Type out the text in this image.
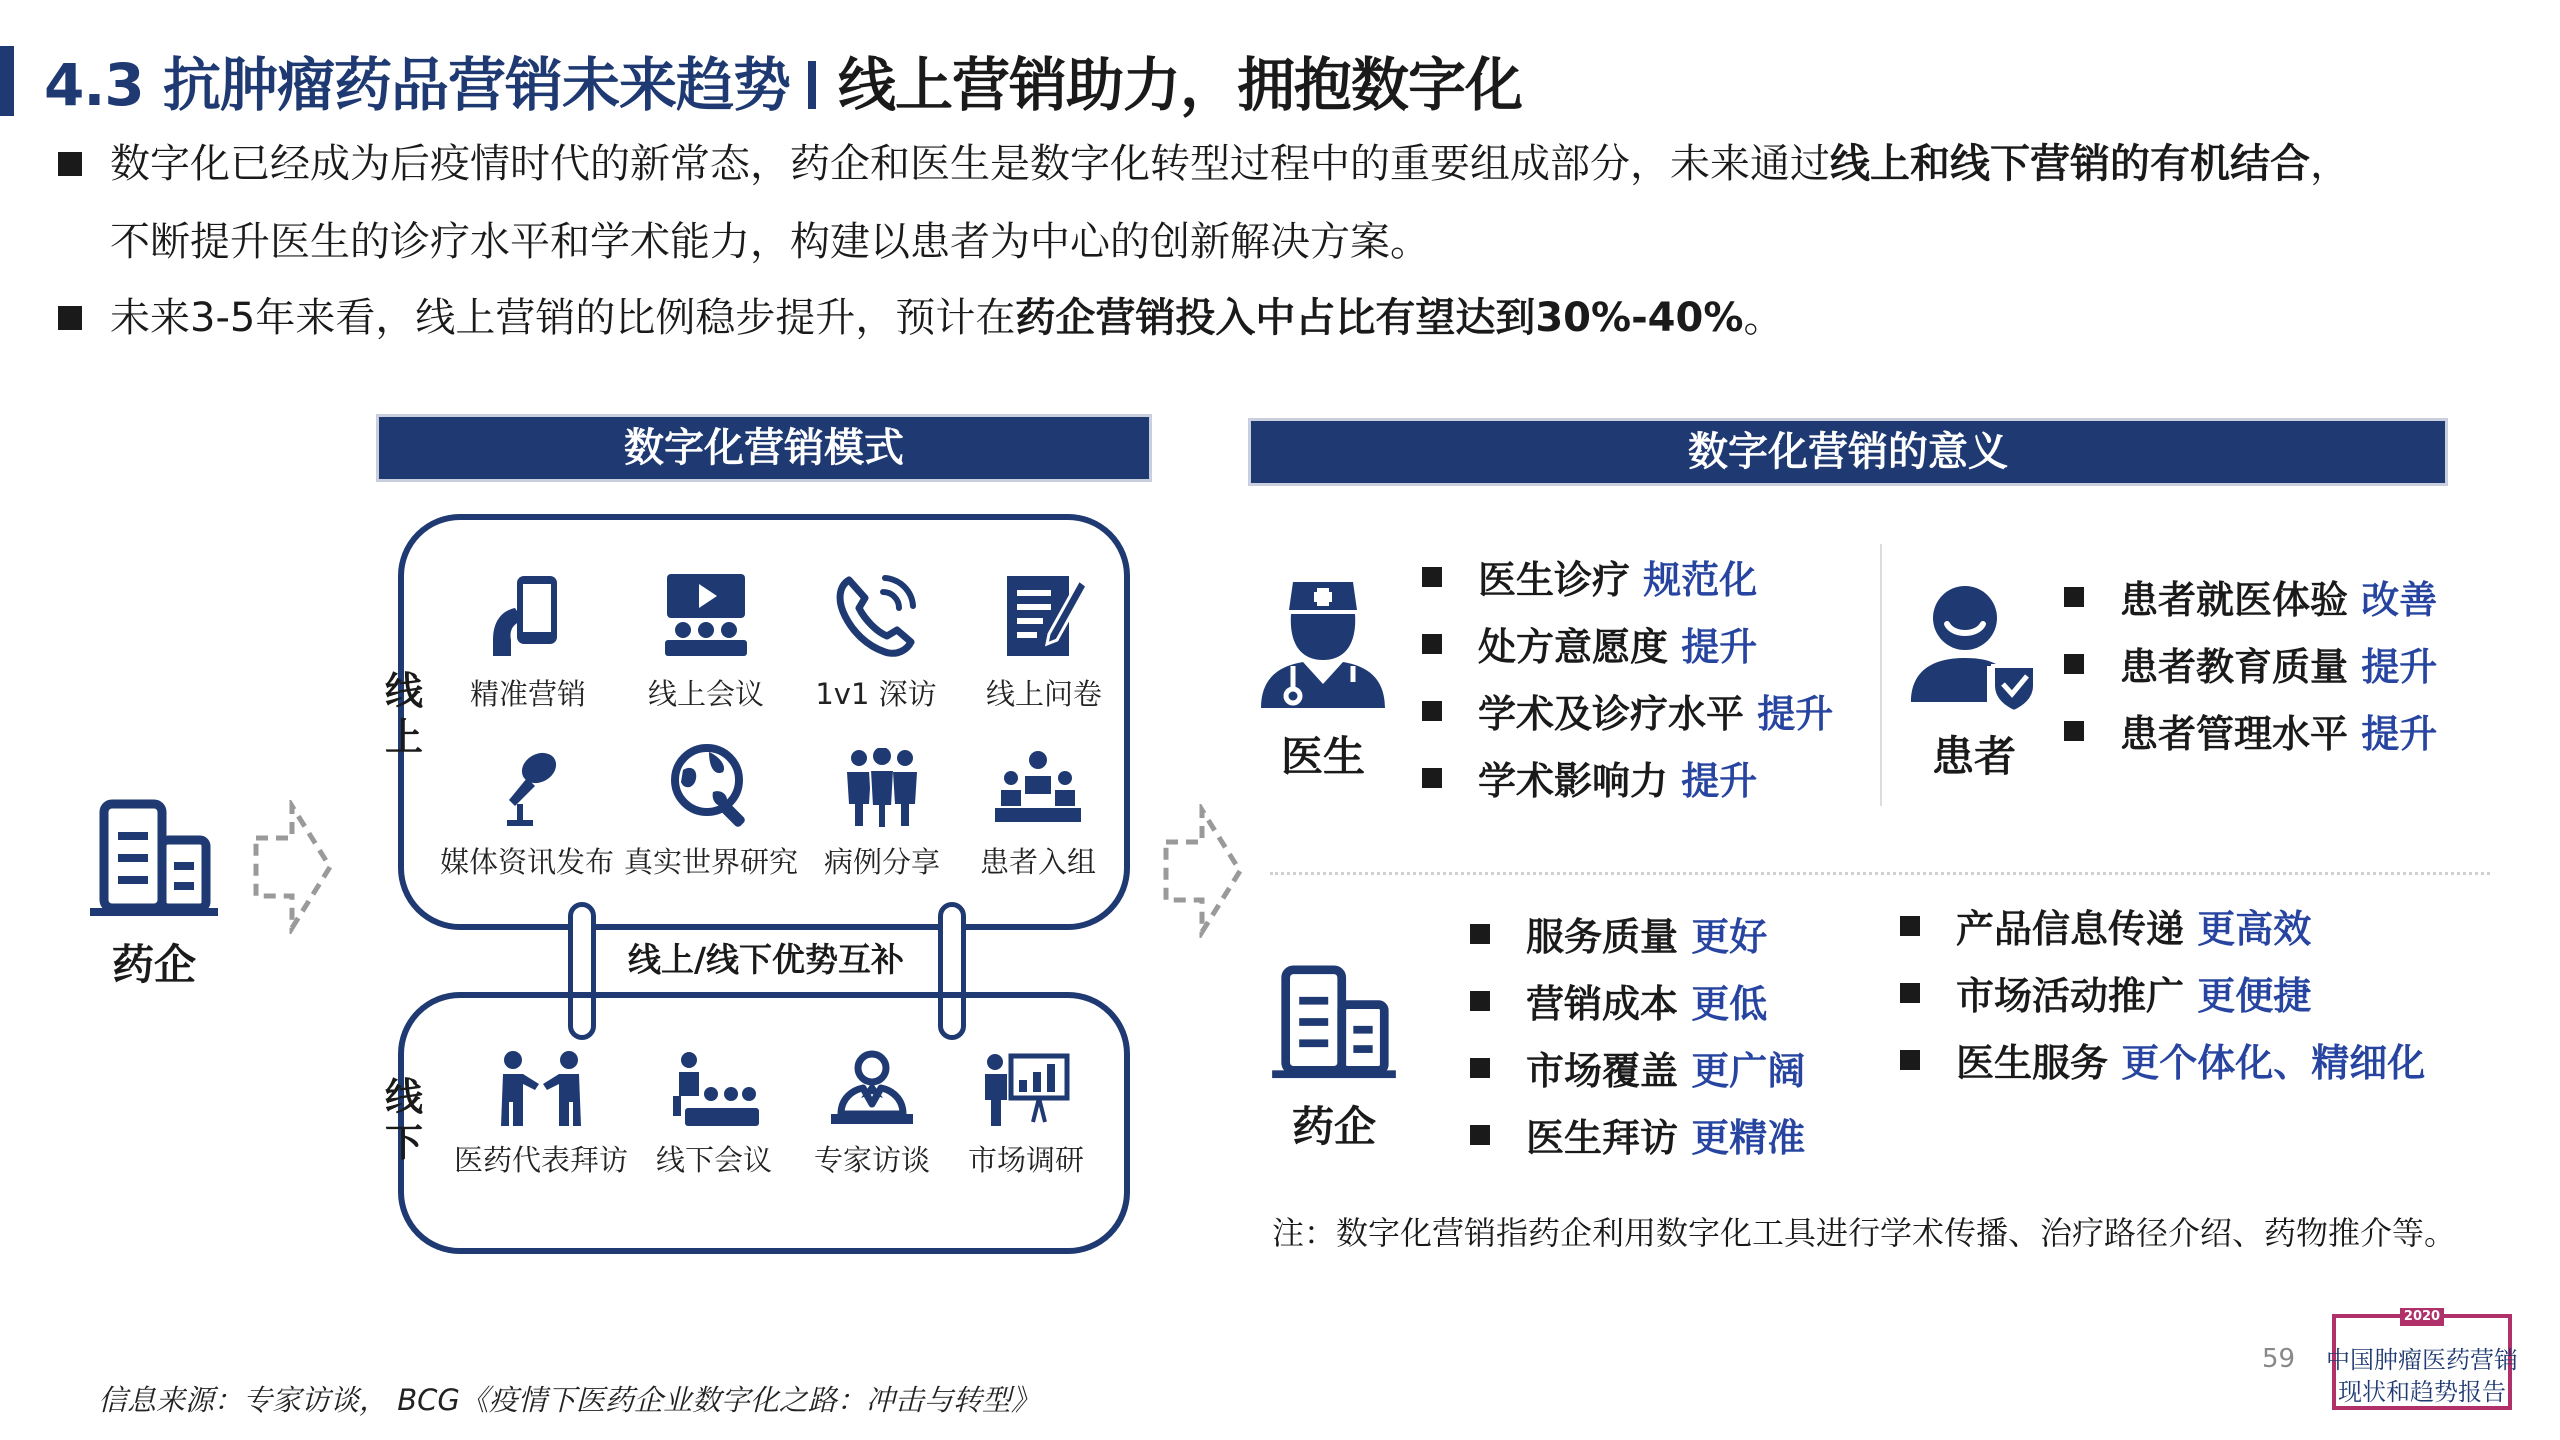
4.3 抗肿瘤药品营销未来趋势 线上营销助力，拥抱数字化
数字化已经成为后疫情时代的新常态，药企和医生是数字化转型过程中的重要组成部分，未来通过线上和线下营销的有机结合，
不断提升医生的诊疗水平和学术能力，构建以患者为中心的创新解决方案。
未来3-5年来看，线上营销的比例稳步提升，预计在药企营销投入中占比有望达到30%-40%。
数字化营销模式
药企
线
上
精准营销	线上会议	1v1 深访	线上问卷
媒体资讯发布 真实世界研究 病例分享	患者入组
线上/线下优势互补
线
下 医药代表拜访 线下会议	专家访谈	市场调研
数字化营销的意义
医生
医生诊疗 规范化
处方意愿度 提升
学术及诊疗水平 提升
学术影响力 提升	患者
患者就医体验 改善
患者教育质量 提升
患者管理水平 提升
药企
服务质量 更好
营销成本 更低
市场覆盖 更广阔
医生拜访 更精准
产品信息传递 更高效
市场活动推广 更便捷
医生服务 更个体化、精细化
注：数字化营销指药企利用数字化工具进行学术传播、治疗路径介绍、药物推介等。
信息来源：专家访谈， BCG《疫情下医药企业数字化之路：冲击与转型》
59
2020
中国肿瘤医药营销
现状和趋势报告
